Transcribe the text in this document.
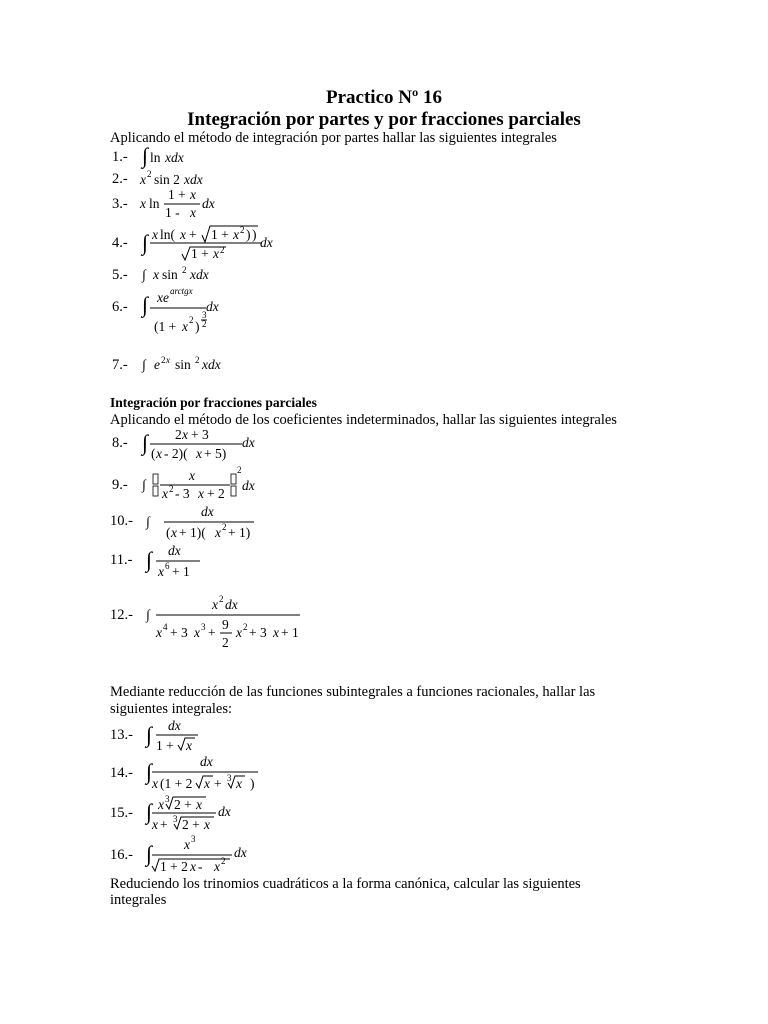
Practico Nº 16
Integración por partes y por fracciones parciales
Aplicando el método de integración por partes hallar las siguientes integrales
1.- ∫ ln xdx
2.- x 2 sin 2 xdx
3.- x ln
1 + x
1 - x
dx
4.- ∫ x ln( x + 1 + x 2 ) )
1 + x 2	dx
5.- ∫ x sin 2 xdx
6.- ∫ xe arctgx
(1 + x 2 )
3
2
dx
7.- ∫ e 2 x sin 2 xdx
Integración por fracciones parciales
Aplicando el método de los coeficientes indeterminados, hallar las siguientes integrales
8.- ∫ 2 x + 3
( x - 2)( x + 5)
dx
9.- ∫
x
x 2 - 3 x + 2
2
dx
10.- ∫
dx
( x + 1)( x 2 + 1)
11.- ∫ dx
x 6 + 1
12.- ∫
x 2 dx
x 4 + 3 x 3 +
9
2
x 2 + 3 x + 1
Mediante reducción de las funciones subintegrales a funciones racionales, hallar las
siguientes integrales:
13.- ∫ dx
1 + x
14.- ∫	dx
x (1 + 2 x + 3 x )
15.- ∫ x 3 2 + x
x + 3 2 + x
dx
16.- ∫ x 3
1 + 2 x - x 2
dx
Reduciendo los trinomios cuadráticos a la forma canónica, calcular las siguientes
integrales
